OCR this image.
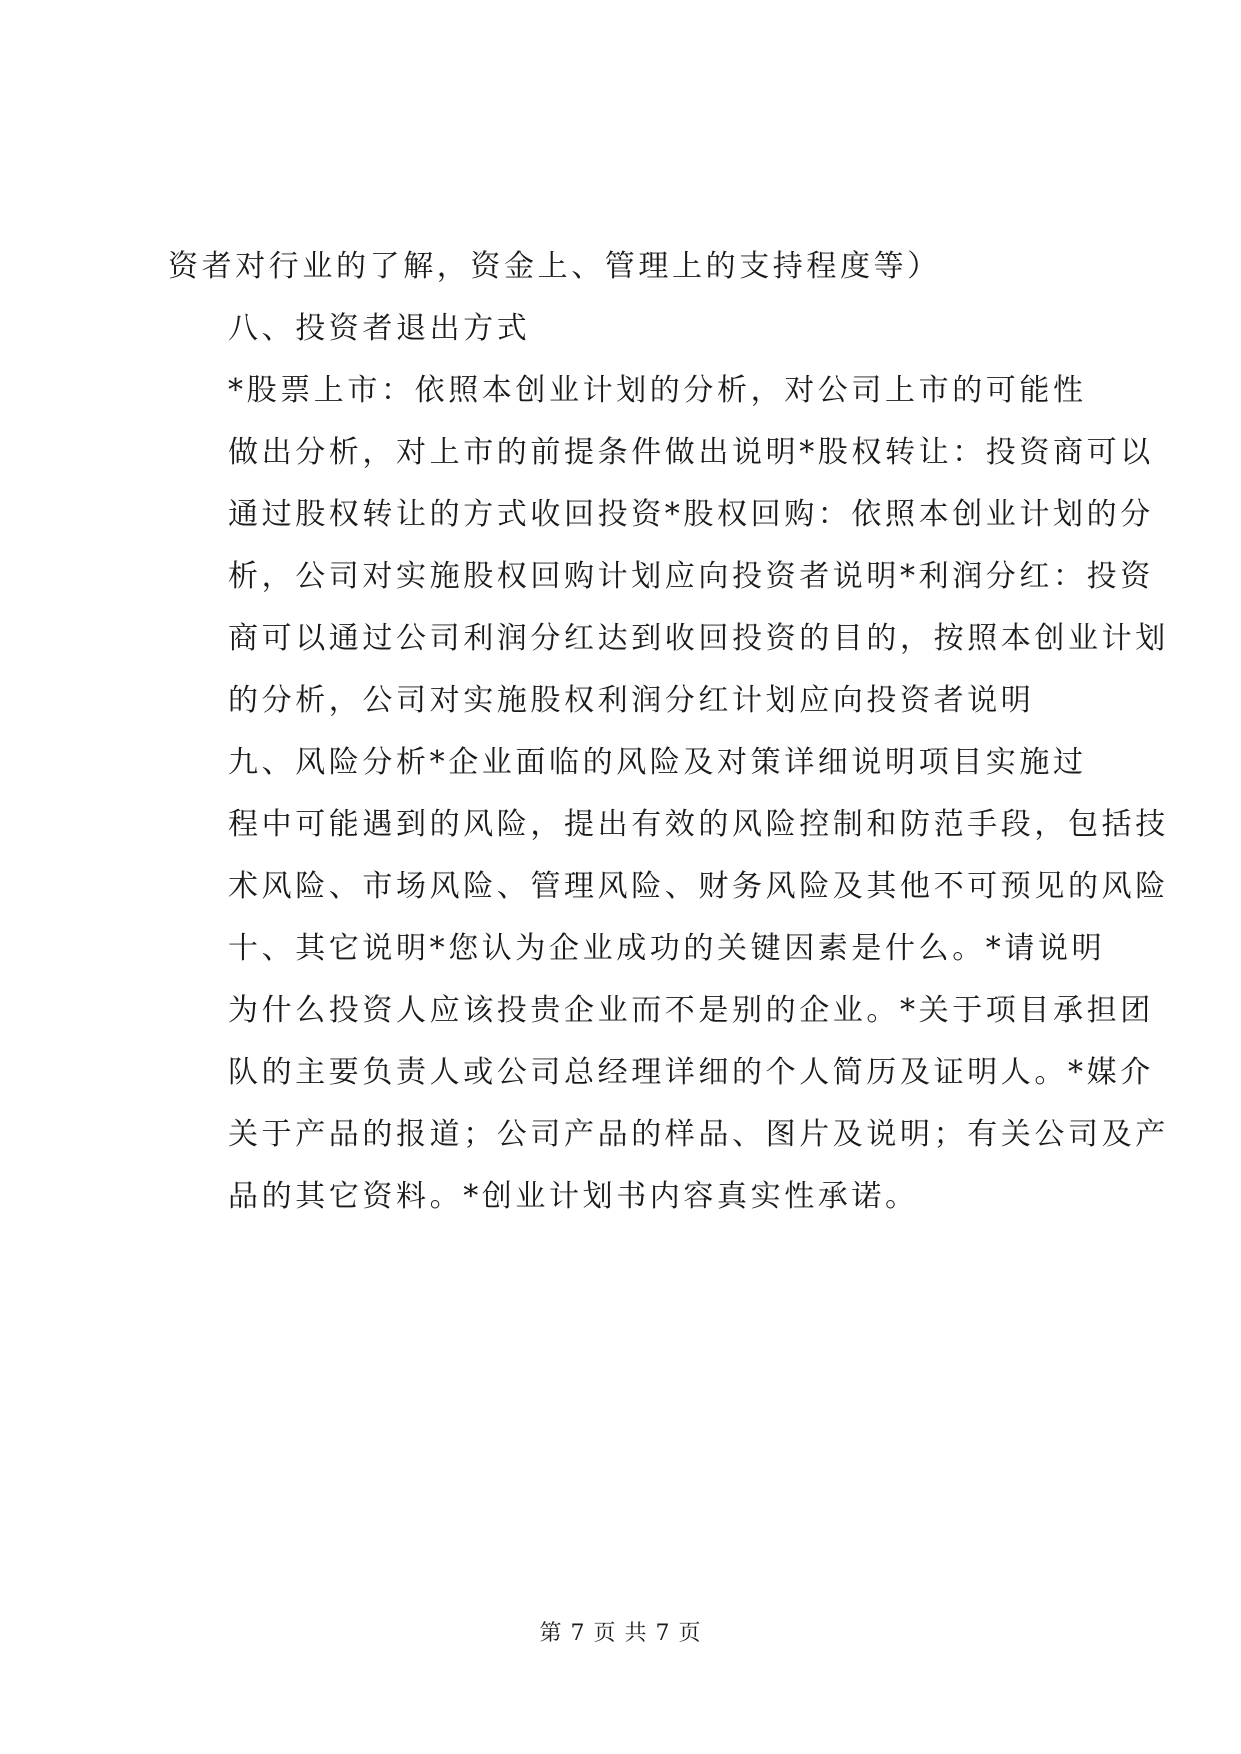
资者对行业的了解，资金上、管理上的支持程度等）

八、投资者退出方式

*股票上市：依照本创业计划的分析，对公司上市的可能性
做出分析，对上市的前提条件做出说明*股权转让：投资商可以
通过股权转让的方式收回投资*股权回购：依照本创业计划的分
析，公司对实施股权回购计划应向投资者说明*利润分红：投资
商可以通过公司利润分红达到收回投资的目的，按照本创业计划
的分析，公司对实施股权利润分红计划应向投资者说明

九、风险分析*企业面临的风险及对策详细说明项目实施过
程中可能遇到的风险，提出有效的风险控制和防范手段，包括技
术风险、市场风险、管理风险、财务风险及其他不可预见的风险

十、其它说明*您认为企业成功的关键因素是什么。*请说明
为什么投资人应该投贵企业而不是别的企业。*关于项目承担团
队的主要负责人或公司总经理详细的个人简历及证明人。*媒介
关于产品的报道；公司产品的样品、图片及说明；有关公司及产
品的其它资料。*创业计划书内容真实性承诺。

第 7 页 共 7 页
